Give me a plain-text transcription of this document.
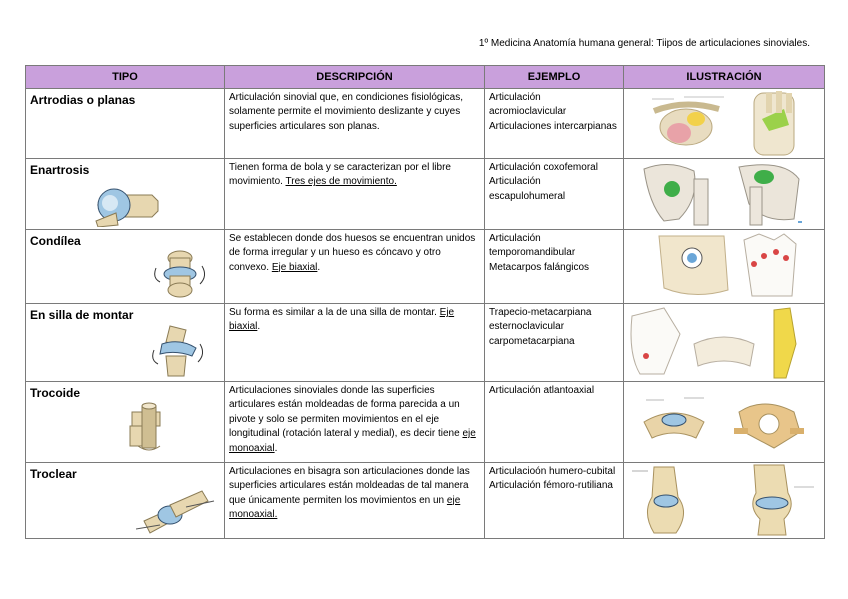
1º Medicina Anatomía humana general: Tiipos de articulaciones sinoviales.
TIPO	DESCRIPCIÓN	EJEMPLO	ILUSTRACIÓN

Artrodias o planas	Articulación sinovial que, en condiciones fisiológicas, solamente permite el movimiento deslizante y cuyes superficies articulares son planas.	Articulación acromioclavicular
Articulaciones intercarpianas

Enartrosis	Tienen forma de bola y se caracterizan por el libre movimiento. Tres ejes de movimiento.	Articulación coxofemoral
Articulación escapulohumeral

Condílea	Se establecen donde dos huesos se encuentran unidos de forma irregular y un hueso es cóncavo y otro convexo. Eje biaxial.	Articulación temporomandibular
Metacarpos falángicos

En silla de montar	Su forma es similar a la de una silla de montar. Eje biaxial.	Trapecio-metacarpiana
esternoclavicular
carpometacarpiana

Trocoide	Articulaciones sinoviales donde las superficies articulares están moldeadas de forma parecida a un pivote y solo se permiten movimientos en el eje longitudinal (rotación lateral y medial), es decir tiene eje monoaxial.	Articulación atlantoaxial

Troclear	Articulaciones en bisagra son articulaciones donde las superficies articulares están moldeadas de tal manera que únicamente permiten los movimientos en un eje monoaxial.	Articulacioón humero-cubital
Articulación fémoro-rutiliana
